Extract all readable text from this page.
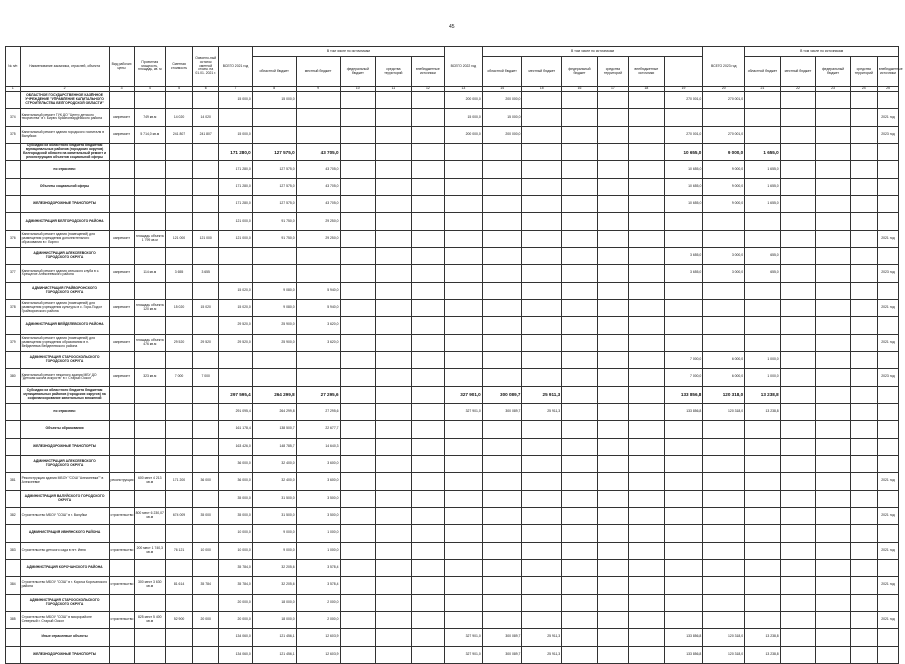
45
№ п/п	Наименование заказчика, отраслей, объекта	Вид рабочих цены	Проектная мощность, площадь, кв. м	Сметная стоимость	Освоено-ный остаток сметной стоим. на 01.01. 2021 г.	ВСЕГО 2021 год	В том числе по источникам					ВСЕГО 2022 год	В том числе по источникам						ВСЕГО 2023 год	В том числе по источникам				
							областной бюджет	местный бюджет	федеральный бюджет	средства территорий	внебюджетные источники		областной бюджет	местный бюджет	федеральный бюджет	средства территорий	внебюджетные источники			областной бюджет	местный бюджет	федеральный бюджет	средства территорий	внебюджетные источники
1	2	3	4	5	6	7	8	9	10	11	12	13	14	15	16	17	18	19	20	21	22	23	24	25
	ОБЛАСТНОЕ ГОСУДАРСТВЕННОЕ КАЗЁННОЕ УЧРЕЖДЕНИЕ "УПРАВЛЕНИЕ КАПИТАЛЬНОГО СТРОИТЕЛЬСТВА БЕЛГОРОДСКОЙ ОБЛАСТИ"					15 000,0	15 000,0					200 000,0	200 000,0					270 001,0	270 001,0					
374	Капитальный ремонт ГУК ДО "Центр детского творчества" в г. Бирюч Красногвардейского района	капремонт	749 кв.м	14 020	14 020							15 000,0	15 000,0											2021 год
375	Капитальный ремонт здания городского госпиталя в Валуйках	капремонт	5 714,0 кв.м	241 807	241 807	15 000,0						200 000,0	200 000,0					270 001,0	270 001,0					2023 год
	Субсидии из областного бюджета бюджетам муниципальных районов (городских округов) Белгородской области на капитальный ремонт и реконструкцию объектов социальной сферы					171 280,0	127 575,0	43 705,0										10 655,0	9 000,0	1 655,0				
	по отраслям:					171 280,0	127 575,0	43 705,0										10 655,0	9 000,0	1 655,0				
	Объекты социальной сферы					171 280,0	127 575,0	43 705,0										10 655,0	9 000,0	1 655,0				
	ЖЕЛЕЗНОДОРОЖНЫЕ ТРАНСПОРТЫ					171 280,0	127 575,0	43 705,0										10 655,0	9 000,0	1 655,0				
	АДМИНИСТРАЦИЯ БЕЛГОРОДСКОГО РАЙОНА					121 000,0	91 750,0	29 250,0																
376	Капитальный ремонт здания (помещений) для размещения учреждения дополнительного образования в г. Бирюч	капремонт	площадь объекта 1 799 кв.м	121 000	121 000	121 000,0	91 750,0	29 250,0																2021 год
	АДМИНИСТРАЦИЯ АЛЕКСЕЕВСКОГО ГОРОДСКОГО ОКРУГА																	3 655,0	3 000,0	655,0				
377	Капитальный ремонт здания сельского клуба в с. Хрещатое Алексеевского района	капремонт	114 кв.м	3 655	3 655													3 655,0	3 000,0	655,0				2023 год
	АДМИНИСТРАЦИЯ ГРАЙВОРОНСКОГО ГОРОДСКОГО ОКРУГА					15 020,0	9 080,0	5 940,0																
378	Капитальный ремонт здания (помещений) для размещения учреждения культуры в с. Гора-Подол Грайворонского района	капремонт	площадь объекта 120 кв.м	15 020	15 020	15 020,0	9 080,0	5 940,0																2021 год
	АДМИНИСТРАЦИЯ ВЕЙДЕЛЕВСКОГО РАЙОНА					29 520,0	25 900,0	3 620,0																
379	Капитальный ремонт здания (помещений) для размещения учреждения образования в п. Вейделевка Вейделевского района	капремонт	площадь объекта 476 кв.м	29 520	29 520	29 520,0	25 900,0	3 620,0																2021 год
	АДМИНИСТРАЦИЯ СТАРООСКОЛЬСКОГО ГОРОДСКОГО ОКРУГА																	7 000,0	6 000,0	1 000,0				
380	Капитальный ремонт нежилого здания МБУ ДО "Детская школа искусств" в г. Старый Оскол	капремонт	323 кв.м	7 000	7 000													7 000,0	6 000,0	1 000,0				2023 год
	Субсидии из областного бюджета бюджетам муниципальных районов (городских округов) на софинансирование капитальных вложений					297 595,4	264 299,8	27 295,6				327 901,0	300 089,7	25 911,3				133 856,8	120 318,0	13 238,8				
	по отраслям:					291 095,4	264 299,8	27 295,6				327 901,0	300 089,7	25 911,3				133 856,8	120 318,0	13 238,8				
	Объекты образования					161 178,4	138 500,7	22 677,7																
	ЖЕЛЕЗНОДОРОЖНЫЕ ТРАНСПОРТЫ					163 426,0	148 785,7	14 640,3																
	АДМИНИСТРАЦИЯ АЛЕКСЕЕВСКОГО ГОРОДСКОГО ОКРУГА					36 000,0	32 400,0	3 600,0																
381	Реконструкция здания МБОУ "СОШ "Алексеевка"" в Алексеевке	реконструкция	600 мест 4 213 кв.м	171 200	36 000	36 000,0	32 400,0	3 600,0																2021 год
	АДМИНИСТРАЦИЯ ВАЛУЙСКОГО ГОРОДСКОГО ОКРУГА					35 000,0	31 500,0	3 500,0																
382	Строительство МБОУ "СОШ" в г. Валуйки	строительство	800 мест 6 230,07 кв.м	674 009	35 000	35 000,0	31 500,0	3 500,0																2021 год
	АДМИНИСТРАЦИЯ ИВНЯНСКОГО РАЙОНА					10 000,0	9 000,0	1 000,0																
383	Строительство детского сада в пгт. Ивня	строительство	200 мест 1 740,3 кв.м	76 121	10 000	10 000,0	9 000,0	1 000,0																2021 год
	АДМИНИСТРАЦИЯ КОРОЧАНСКОГО РАЙОНА					35 784,0	32 205,6	3 578,4																
384	Строительство МБОУ "СОШ" в г. Короча Корочанского района	строительство	300 мест 3 630 кв.м	81 614	35 784	35 784,0	32 205,6	3 578,4																2021 год
	АДМИНИСТРАЦИЯ СТАРООСКОЛЬСКОГО ГОРОДСКОГО ОКРУГА					20 000,0	18 000,0	2 000,0																
385	Строительство МБОУ "СОШ" в микрорайоне Северный г. Старый Оскол	строительство	825 мест 5 400 кв.м	52 900	20 000	20 000,0	18 000,0	2 000,0																2021 год
	Иные отраслевые объекты					134 060,0	121 456,1	12 603,9				327 901,0	300 089,7	25 911,3				133 856,8	120 318,0	13 238,8				
	ЖЕЛЕЗНОДОРОЖНЫЕ ТРАНСПОРТЫ					134 060,0	121 456,1	12 603,9				327 901,0	300 089,7	25 911,3				133 856,8	120 318,0	13 238,8				
